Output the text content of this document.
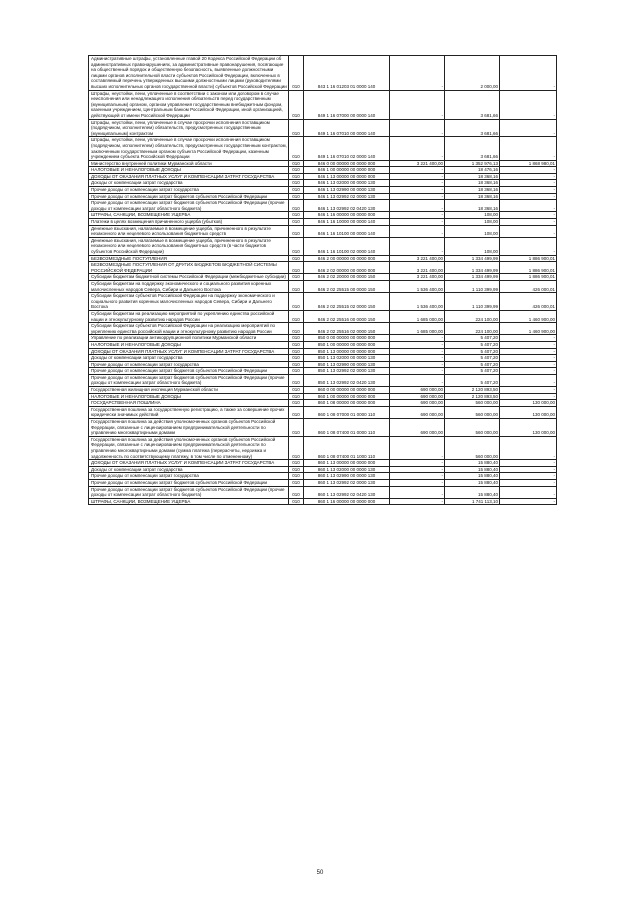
Административные штрафы, установленные главой 20 Кодекса Российской Федерации об административных правонарушениях, за административные правонарушения, посягающие на общественный порядок и общественную безопасность, выявленные должностными лицами органов исполнительной власти субъектов Российской Федерации, включенных в составляемый перечень утвержденных высшими должностными лицами (руководителями высших исполнительных органов государственной власти) субъектов Российской Федерации	010	843 1 16 01203 01 0000 140	-	2 000,00	-
Штрафы, неустойки, пени, уплаченные в соответствии с законом или договором в случае неисполнения или ненадлежащего исполнения обязательств перед государственным (муниципальным) органом, органом управления государственным внебюджетным фондом, казенным учреждением, Центральным банком Российской Федерации, иной организацией, действующей от имени Российской Федерации	010	849 1 16 07000 00 0000 140	-	3 681,66	-
Штрафы, неустойки, пени, уплаченные в случае просрочки исполнения поставщиком (подрядчиком, исполнителем) обязательств, предусмотренных государственным (муниципальным) контрактом	010	849 1 16 07010 00 0000 140	-	3 681,66	-
Штрафы, неустойки, пени, уплаченные в случае просрочки исполнения поставщиком (подрядчиком, исполнителем) обязательств, предусмотренных государственным контрактом, заключенным государственным органом субъекта Российской Федерации, казенным учреждением субъекта Российской Федерации	010	849 1 16 07010 02 0000 140	-	3 681,66	-
Министерство внутренней политики Мурманской области	010	846 0 00 00000 00 0000 000	3 221 400,00	1 352 976,13	1 868 980,01
НАЛОГОВЫЕ И НЕНАЛОГОВЫЕ ДОХОДЫ	010	846 1 00 00000 00 0000 000	-	18 476,16	-
ДОХОДЫ ОТ ОКАЗАНИЯ ПЛАТНЫХ УСЛУГ И КОМПЕНСАЦИИ ЗАТРАТ ГОСУДАРСТВА	010	846 1 13 00000 00 0000 000	-	18 368,16	-
Доходы от компенсации затрат государства	010	846 1 13 02000 00 0000 130	-	18 368,16	-
Прочие доходы от компенсации затрат государства	010	846 1 13 02990 00 0000 130	-	18 368,16	-
Прочие доходы от компенсации затрат бюджетов субъектов Российской Федерации	010	846 1 13 02992 02 0000 130	-	18 368,16	-
Прочие доходы от компенсации затрат бюджетов субъектов Российской Федерации (прочие доходы от компенсации затрат областного бюджета)	010	846 1 13 02992 02 0420 130	-	18 368,16	-
ШТРАФЫ, САНКЦИИ, ВОЗМЕЩЕНИЕ УЩЕРБА	010	846 1 16 00000 00 0000 000	-	108,00	-
Платежи в целях возмещения причиненного ущерба (убытков)	010	846 1 16 10000 00 0000 140	-	108,00	-
Денежные взыскания, налагаемые в возмещение ущерба, причиненного в результате незаконного или нецелевого использования бюджетных средств	010	846 1 16 10100 00 0000 140	-	108,00	-
Денежные взыскания, налагаемые в возмещение ущерба, причиненного в результате незаконного или нецелевого использования бюджетных средств (в части бюджетов субъектов Российской Федерации)	010	846 1 16 10100 02 0000 140	-	108,00	-
БЕЗВОЗМЕЗДНЫЕ ПОСТУПЛЕНИЯ	010	846 2 00 00000 00 0000 000	3 221 400,00	1 334 499,99	1 886 900,01
БЕЗВОЗМЕЗДНЫЕ ПОСТУПЛЕНИЯ ОТ ДРУГИХ БЮДЖЕТОВ БЮДЖЕТНОЙ СИСТЕМЫ РОССИЙСКОЙ ФЕДЕРАЦИИ	010	846 2 02 00000 00 0000 000	3 221 400,00	1 334 499,99	1 886 900,01
Субсидии бюджетам бюджетной системы Российской Федерации (межбюджетные субсидии)	010	846 2 02 20000 00 0000 150	3 221 400,00	1 334 499,99	1 886 900,01
Субсидии бюджетам на поддержку экономического и социального развития коренных малочисленных народов Севера, Сибири и Дальнего Востока	010	846 2 02 25515 00 0000 150	1 536 400,00	1 110 399,99	426 000,01
Субсидии бюджетам субъектов Российской Федерации на поддержку экономического и социального развития коренных малочисленных народов Севера, Сибири и Дальнего Востока	010	846 2 02 25515 02 0000 150	1 536 400,00	1 110 399,99	426 000,01
Субсидии бюджетам на реализацию мероприятий по укреплению единства российской нации и этнокультурному развитию народов России	010	846 2 02 25516 00 0000 150	1 685 000,00	224 100,00	1 460 900,00
Субсидии бюджетам субъектов Российской Федерации на реализацию мероприятий по укреплению единства российской нации и этнокультурному развитию народов России	010	846 2 02 25516 02 0000 150	1 685 000,00	224 100,00	1 460 900,00
Управление по реализации антикоррупционной политики Мурманской области	010	850 0 00 00000 00 0000 000	-	5 407,20	-
НАЛОГОВЫЕ И НЕНАЛОГОВЫЕ ДОХОДЫ	010	850 1 00 00000 00 0000 000	-	5 407,20	-
ДОХОДЫ ОТ ОКАЗАНИЯ ПЛАТНЫХ УСЛУГ И КОМПЕНСАЦИИ ЗАТРАТ ГОСУДАРСТВА	010	850 1 13 00000 00 0000 000	-	5 407,20	-
Доходы от компенсации затрат государства	010	850 1 13 02000 00 0000 130	-	5 407,20	-
Прочие доходы от компенсации затрат государства	010	850 1 13 02990 00 0000 130	-	5 407,20	-
Прочие доходы от компенсации затрат бюджетов субъектов Российской Федерации	010	850 1 13 02992 02 0000 130	-	5 407,20	-
Прочие доходы от компенсации затрат бюджетов субъектов Российской Федерации (прочие доходы от компенсации затрат областного бюджета)	010	850 1 13 02992 02 0420 130	-	5 407,20	-
Государственная жилищная инспекция Мурманской области	010	860 0 00 00000 00 0000 000	690 000,00	2 120 893,50	-
НАЛОГОВЫЕ И НЕНАЛОГОВЫЕ ДОХОДЫ	010	860 1 00 00000 00 0000 000	690 000,00	2 120 893,50	-
ГОСУДАРСТВЕННАЯ ПОШЛИНА	010	860 1 08 00000 00 0000 000	690 000,00	560 000,00	130 000,00
Государственная пошлина за государственную регистрацию, а также за совершение прочих юридически значимых действий	010	860 1 08 07000 01 0000 110	690 000,00	560 000,00	130 000,00
Государственная пошлина за действия уполномоченных органов субъектов Российской Федерации, связанные с лицензированием предпринимательской деятельности по управлению многоквартирными домами	010	860 1 08 07400 01 0000 110	690 000,00	560 000,00	130 000,00
Государственная пошлина за действия уполномоченных органов субъектов Российской Федерации, связанные с лицензированием предпринимательской деятельности по управлению многоквартирными домами (сумма платежа (перерасчеты, недоимка и задолженность по соответствующему платежу, в том числе по отмененному)	010	860 1 08 07400 01 1000 110	-	560 000,00	-
ДОХОДЫ ОТ ОКАЗАНИЯ ПЛАТНЫХ УСЛУГ И КОМПЕНСАЦИИ ЗАТРАТ ГОСУДАРСТВА	010	860 1 13 00000 00 0000 000	-	15 880,40	-
Доходы от компенсации затрат государства	010	860 1 13 02000 00 0000 130	-	15 880,40	-
Прочие доходы от компенсации затрат государства	010	860 1 13 02990 00 0000 130	-	15 880,40	-
Прочие доходы от компенсации затрат бюджетов субъектов Российской Федерации	010	860 1 13 02992 02 0000 130	-	15 880,40	-
Прочие доходы от компенсации затрат бюджетов субъектов Российской Федерации (прочие доходы от компенсации затрат областного бюджета)	010	860 1 13 02992 02 0420 130	-	15 880,40	-
ШТРАФЫ, САНКЦИИ, ВОЗМЕЩЕНИЕ УЩЕРБА	010	860 1 16 00000 00 0000 000	-	1 741 113,10	-
50
